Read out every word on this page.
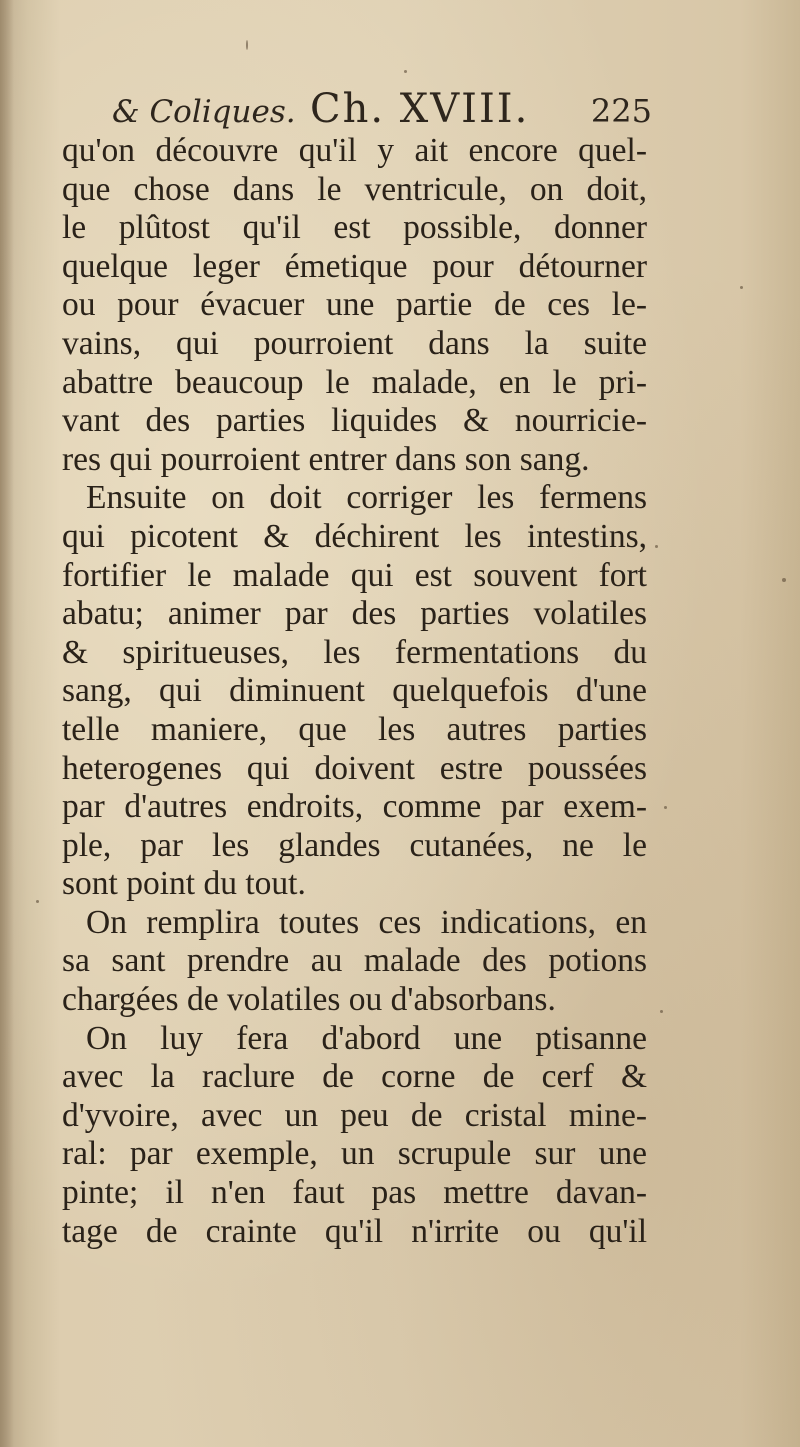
& Coliques. Ch. XVIII. 225
qu'on découvre qu'il y ait encore quel-
que chose dans le ventricule, on doit,
le plûtost qu'il est possible, donner
quelque leger émetique pour détourner
ou pour évacuer une partie de ces le-
vains, qui pourroient dans la suite
abattre beaucoup le malade, en le pri-
vant des parties liquides & nourricie-
res qui pourroient entrer dans son sang.
Ensuite on doit corriger les fermens
qui picotent & déchirent les intestins,
fortifier le malade qui est souvent fort
abatu; animer par des parties volatiles
& spiritueuses, les fermentations du
sang, qui diminuent quelquefois d'une
telle maniere, que les autres parties
heterogenes qui doivent estre poussées
par d'autres endroits, comme par exem-
ple, par les glandes cutanées, ne le
sont point du tout.
On remplira toutes ces indications, en
sa sant prendre au malade des potions
chargées de volatiles ou d'absorbans.
On luy fera d'abord une ptisanne
avec la raclure de corne de cerf &
d'yvoire, avec un peu de cristal mine-
ral: par exemple, un scrupule sur une
pinte; il n'en faut pas mettre davan-
tage de crainte qu'il n'irrite ou qu'il
